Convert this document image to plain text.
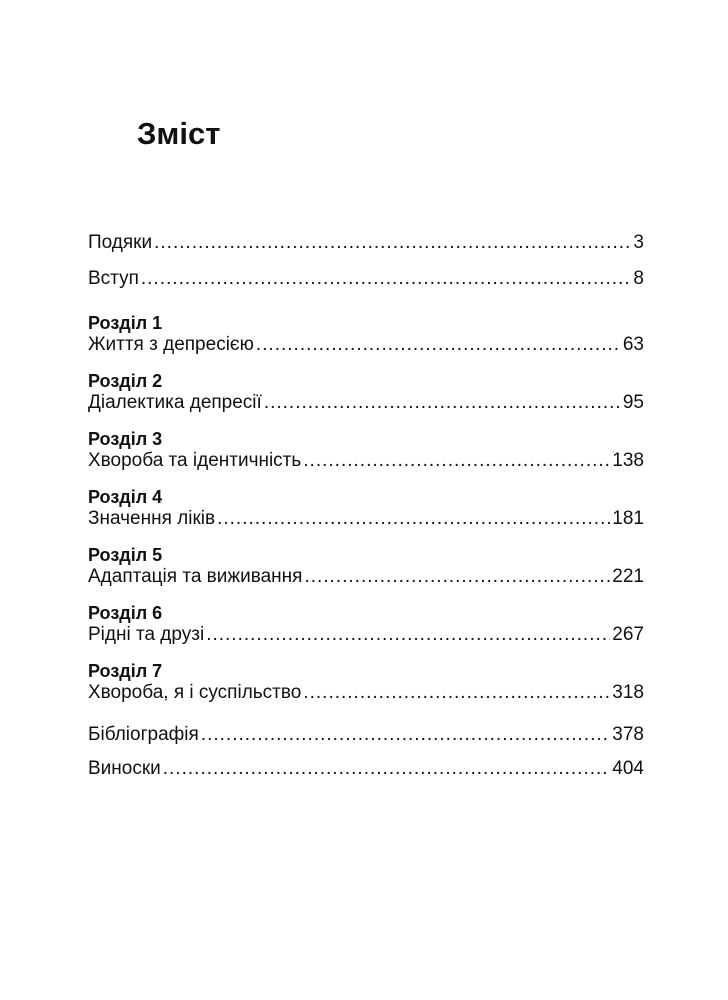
Зміст
Подяки .....	3
Вступ .....	8
Розділ 1
Життя з депресією .....	63
Розділ 2
Діалектика депресії .....	95
Розділ 3
Хвороба та ідентичність .....	138
Розділ 4
Значення ліків .....	181
Розділ 5
Адаптація та виживання .....	221
Розділ 6
Рідні та друзі .....	267
Розділ 7
Хвороба, я і суспільство .....	318
Бібліографія .....	378
Виноски .....	404
